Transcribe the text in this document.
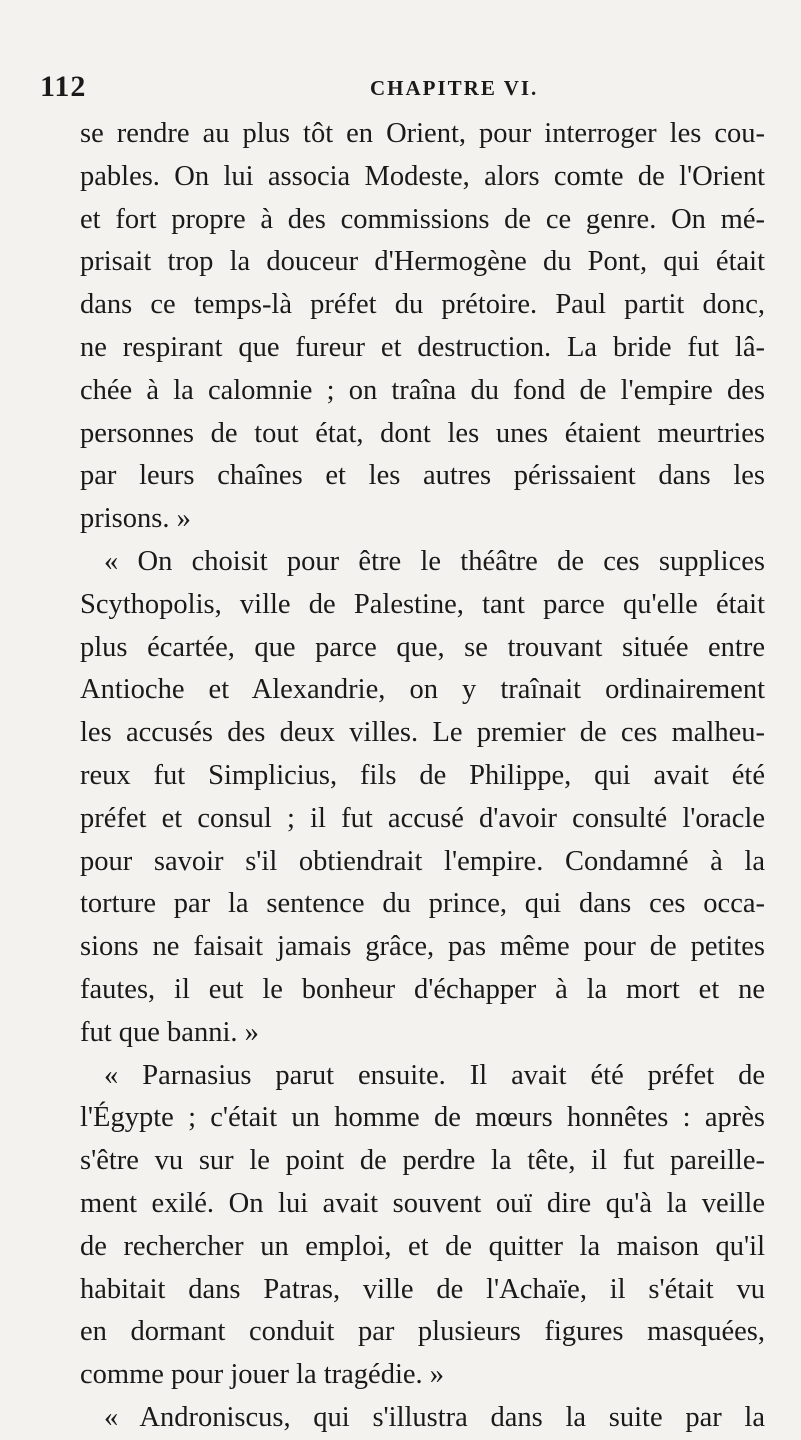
112	CHAPITRE VI.
se rendre au plus tôt en Orient, pour interroger les cou-
pables. On lui associa Modeste, alors comte de l'Orient
et fort propre à des commissions de ce genre. On mé-
prisait trop la douceur d'Hermogène du Pont, qui était
dans ce temps-là préfet du prétoire. Paul partit donc,
ne respirant que fureur et destruction. La bride fut lâ-
chée à la calomnie ; on traîna du fond de l'empire des
personnes de tout état, dont les unes étaient meurtries
par leurs chaînes et les autres périssaient dans les
prisons. »
« On choisit pour être le théâtre de ces supplices
Scythopolis, ville de Palestine, tant parce qu'elle était
plus écartée, que parce que, se trouvant située entre
Antioche et Alexandrie, on y traînait ordinairement
les accusés des deux villes. Le premier de ces malheu-
reux fut Simplicius, fils de Philippe, qui avait été
préfet et consul ; il fut accusé d'avoir consulté l'oracle
pour savoir s'il obtiendrait l'empire. Condamné à la
torture par la sentence du prince, qui dans ces occa-
sions ne faisait jamais grâce, pas même pour de petites
fautes, il eut le bonheur d'échapper à la mort et ne
fut que banni. »
« Parnasius parut ensuite. Il avait été préfet de
l'Égypte ; c'était un homme de mœurs honnêtes : après
s'être vu sur le point de perdre la tête, il fut pareille-
ment exilé. On lui avait souvent ouï dire qu'à la veille
de rechercher un emploi, et de quitter la maison qu'il
habitait dans Patras, ville de l'Achaïe, il s'était vu
en dormant conduit par plusieurs figures masquées,
comme pour jouer la tragédie. »
« Androniscus, qui s'illustra dans la suite par la
